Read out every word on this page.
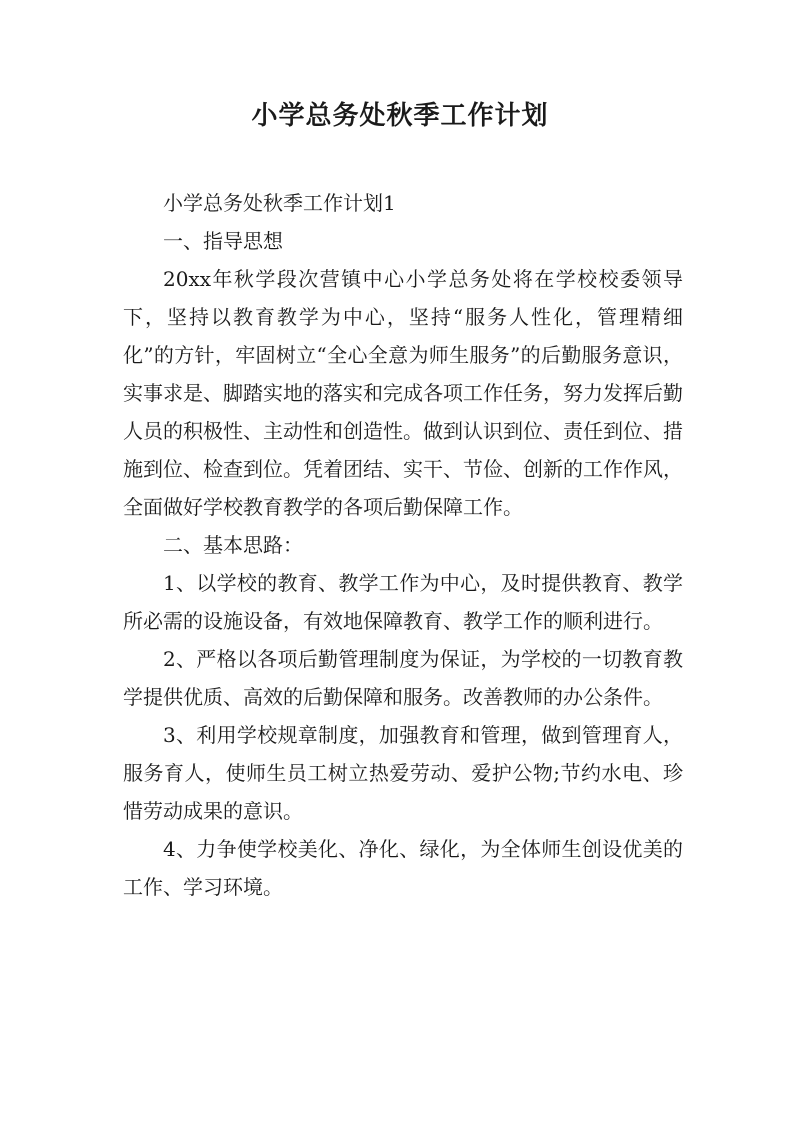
小学总务处秋季工作计划

小学总务处秋季工作计划1

一、指导思想

20xx年秋学段次营镇中心小学总务处将在学校校委领导下，坚持以教育教学为中心，坚持“服务人性化，管理精细化”的方针，牢固树立“全心全意为师生服务”的后勤服务意识，实事求是、脚踏实地的落实和完成各项工作任务，努力发挥后勤人员的积极性、主动性和创造性。做到认识到位、责任到位、措施到位、检查到位。凭着团结、实干、节俭、创新的工作作风，全面做好学校教育教学的各项后勤保障工作。

二、基本思路：

1、以学校的教育、教学工作为中心，及时提供教育、教学所必需的设施设备，有效地保障教育、教学工作的顺利进行。

2、严格以各项后勤管理制度为保证，为学校的一切教育教学提供优质、高效的后勤保障和服务。改善教师的办公条件。

3、利用学校规章制度，加强教育和管理，做到管理育人，服务育人，使师生员工树立热爱劳动、爱护公物;节约水电、珍惜劳动成果的意识。

4、力争使学校美化、净化、绿化，为全体师生创设优美的工作、学习环境。
